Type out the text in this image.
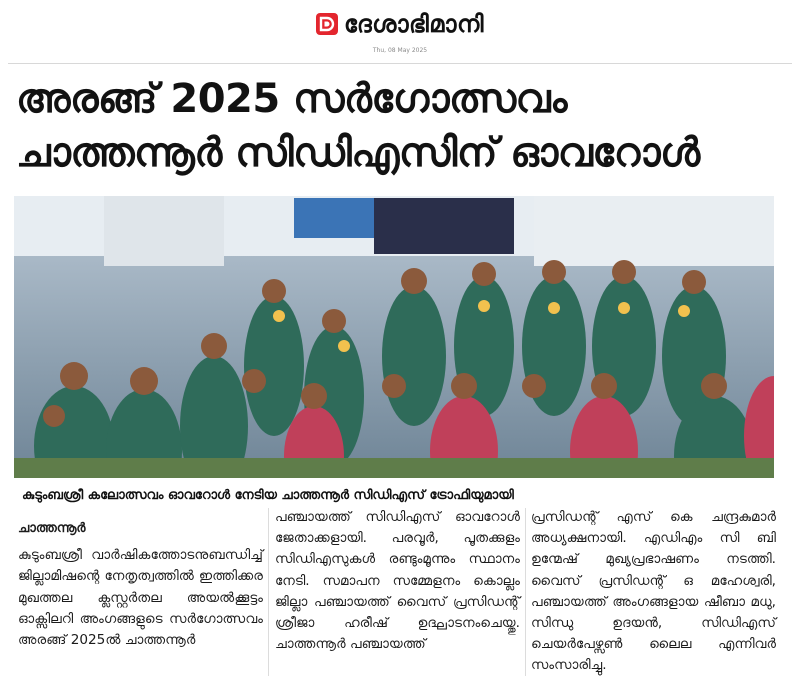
ദേശാഭിമാനി
Thu, 08 May 2025
അരങ്ങ് 2025 സർഗോത്സവം
ചാത്തന്നൂർ സിഡിഎസിന് ഓവറോൾ
കുടുംബശ്രീ കലോത്സവം ഓവറോൾ നേടിയ ചാത്തന്നൂർ സിഡിഎസ് ട്രോഫിയുമായി
ചാത്തന്നൂർ

കുടുംബശ്രീ വാർഷികത്തോടനുബന്ധിച്ച് ജില്ലാമിഷന്റെ നേതൃത്വത്തിൽ ഇത്തിക്കര മുഖത്തല ക്ലസ്റ്റർതല അയൽക്കൂട്ടം ഓക്സിലറി അംഗങ്ങളുടെ സർഗോത്സവം അരങ്ങ് 2025ൽ ചാത്തന്നൂർ

പഞ്ചായത്ത് സിഡിഎസ് ഓവറോൾ ജേതാക്കളായി. പരവൂർ, പൂതക്കുളം സിഡിഎസുകൾ രണ്ടുംമൂന്നും സ്ഥാനം നേടി. സമാപന സമ്മേളനം കൊല്ലം ജില്ലാ പഞ്ചായത്ത് വൈസ് പ്രസിഡന്റ് ശ്രീജാ ഹരീഷ് ഉദ്ഘാടനംചെയ്തു. ചാത്തന്നൂർ പഞ്ചായത്ത്

പ്രസിഡന്റ് എസ് കെ ചന്ദ്രകുമാർ അധ്യക്ഷനായി. എഡിഎം സി ബി ഉന്മേഷ് മുഖ്യപ്രഭാഷണം നടത്തി. വൈസ് പ്രസിഡന്റ് ഒ മഹേശ്വരി, പഞ്ചായത്ത് അംഗങ്ങളായ ഷീബാ മധു, സിന്ധു ഉദയൻ, സിഡിഎസ് ചെയർപേഴ്സൺ ലൈല എന്നിവർ സംസാരിച്ചു.
